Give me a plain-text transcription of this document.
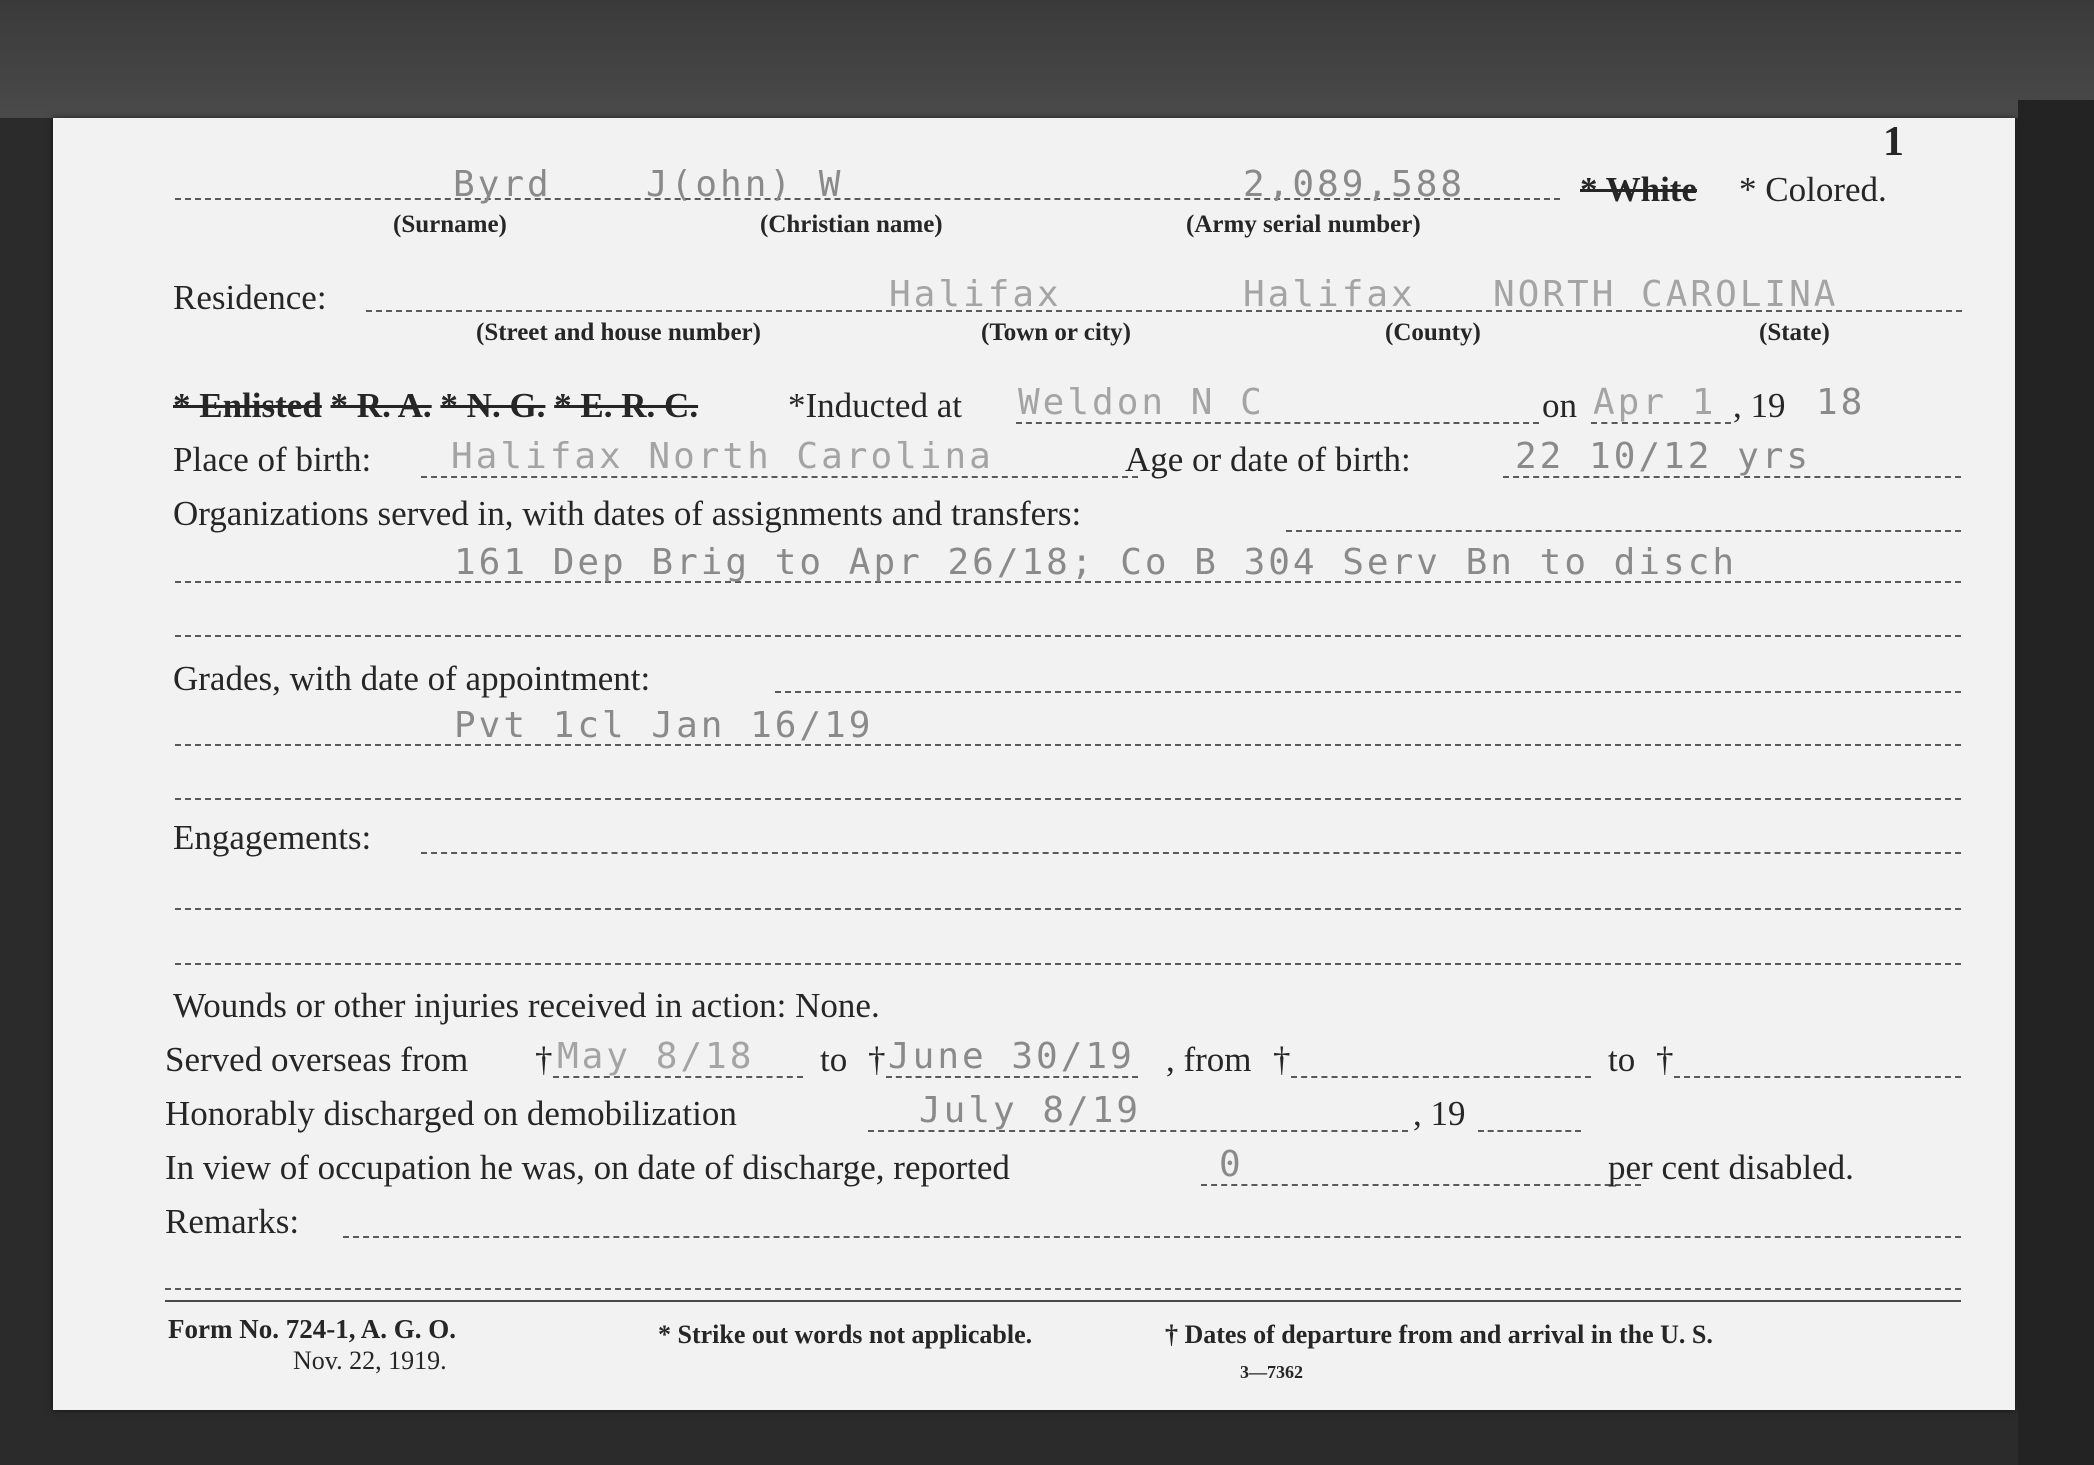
1
Byrd	J(ohn) W	2,089,588	* White * Colored.
(Surname)	(Christian name)	(Army serial number)
Residence:	Halifax	Halifax NORTH CAROLINA
(Street and house number)	(Town or city)	(County)	(State)
* Enlisted * R. A. * N. G. * E. R. C.	*Inducted at Weldon N C	on Apr 1 , 19 18
Place of birth: Halifax North Carolina	Age or date of birth:	22 10/12 yrs
Organizations served in, with dates of assignments and transfers:
161 Dep Brig to Apr 26/18; Co B 304 Serv Bn to disch
Grades, with date of appointment:
Pvt 1cl Jan 16/19
Engagements:
Wounds or other injuries received in action: None.
Served overseas from † May 8/18 to † June 30/19 , from †	to †
Honorably discharged on demobilization	July 8/19	, 19
In view of occupation he was, on date of discharge, reported	0	per cent disabled.
Remarks:
Form No. 724-1, A. G. O.
Nov. 22, 1919.
* Strike out words not applicable.	† Dates of departure from and arrival in the U. S.
3—7362
